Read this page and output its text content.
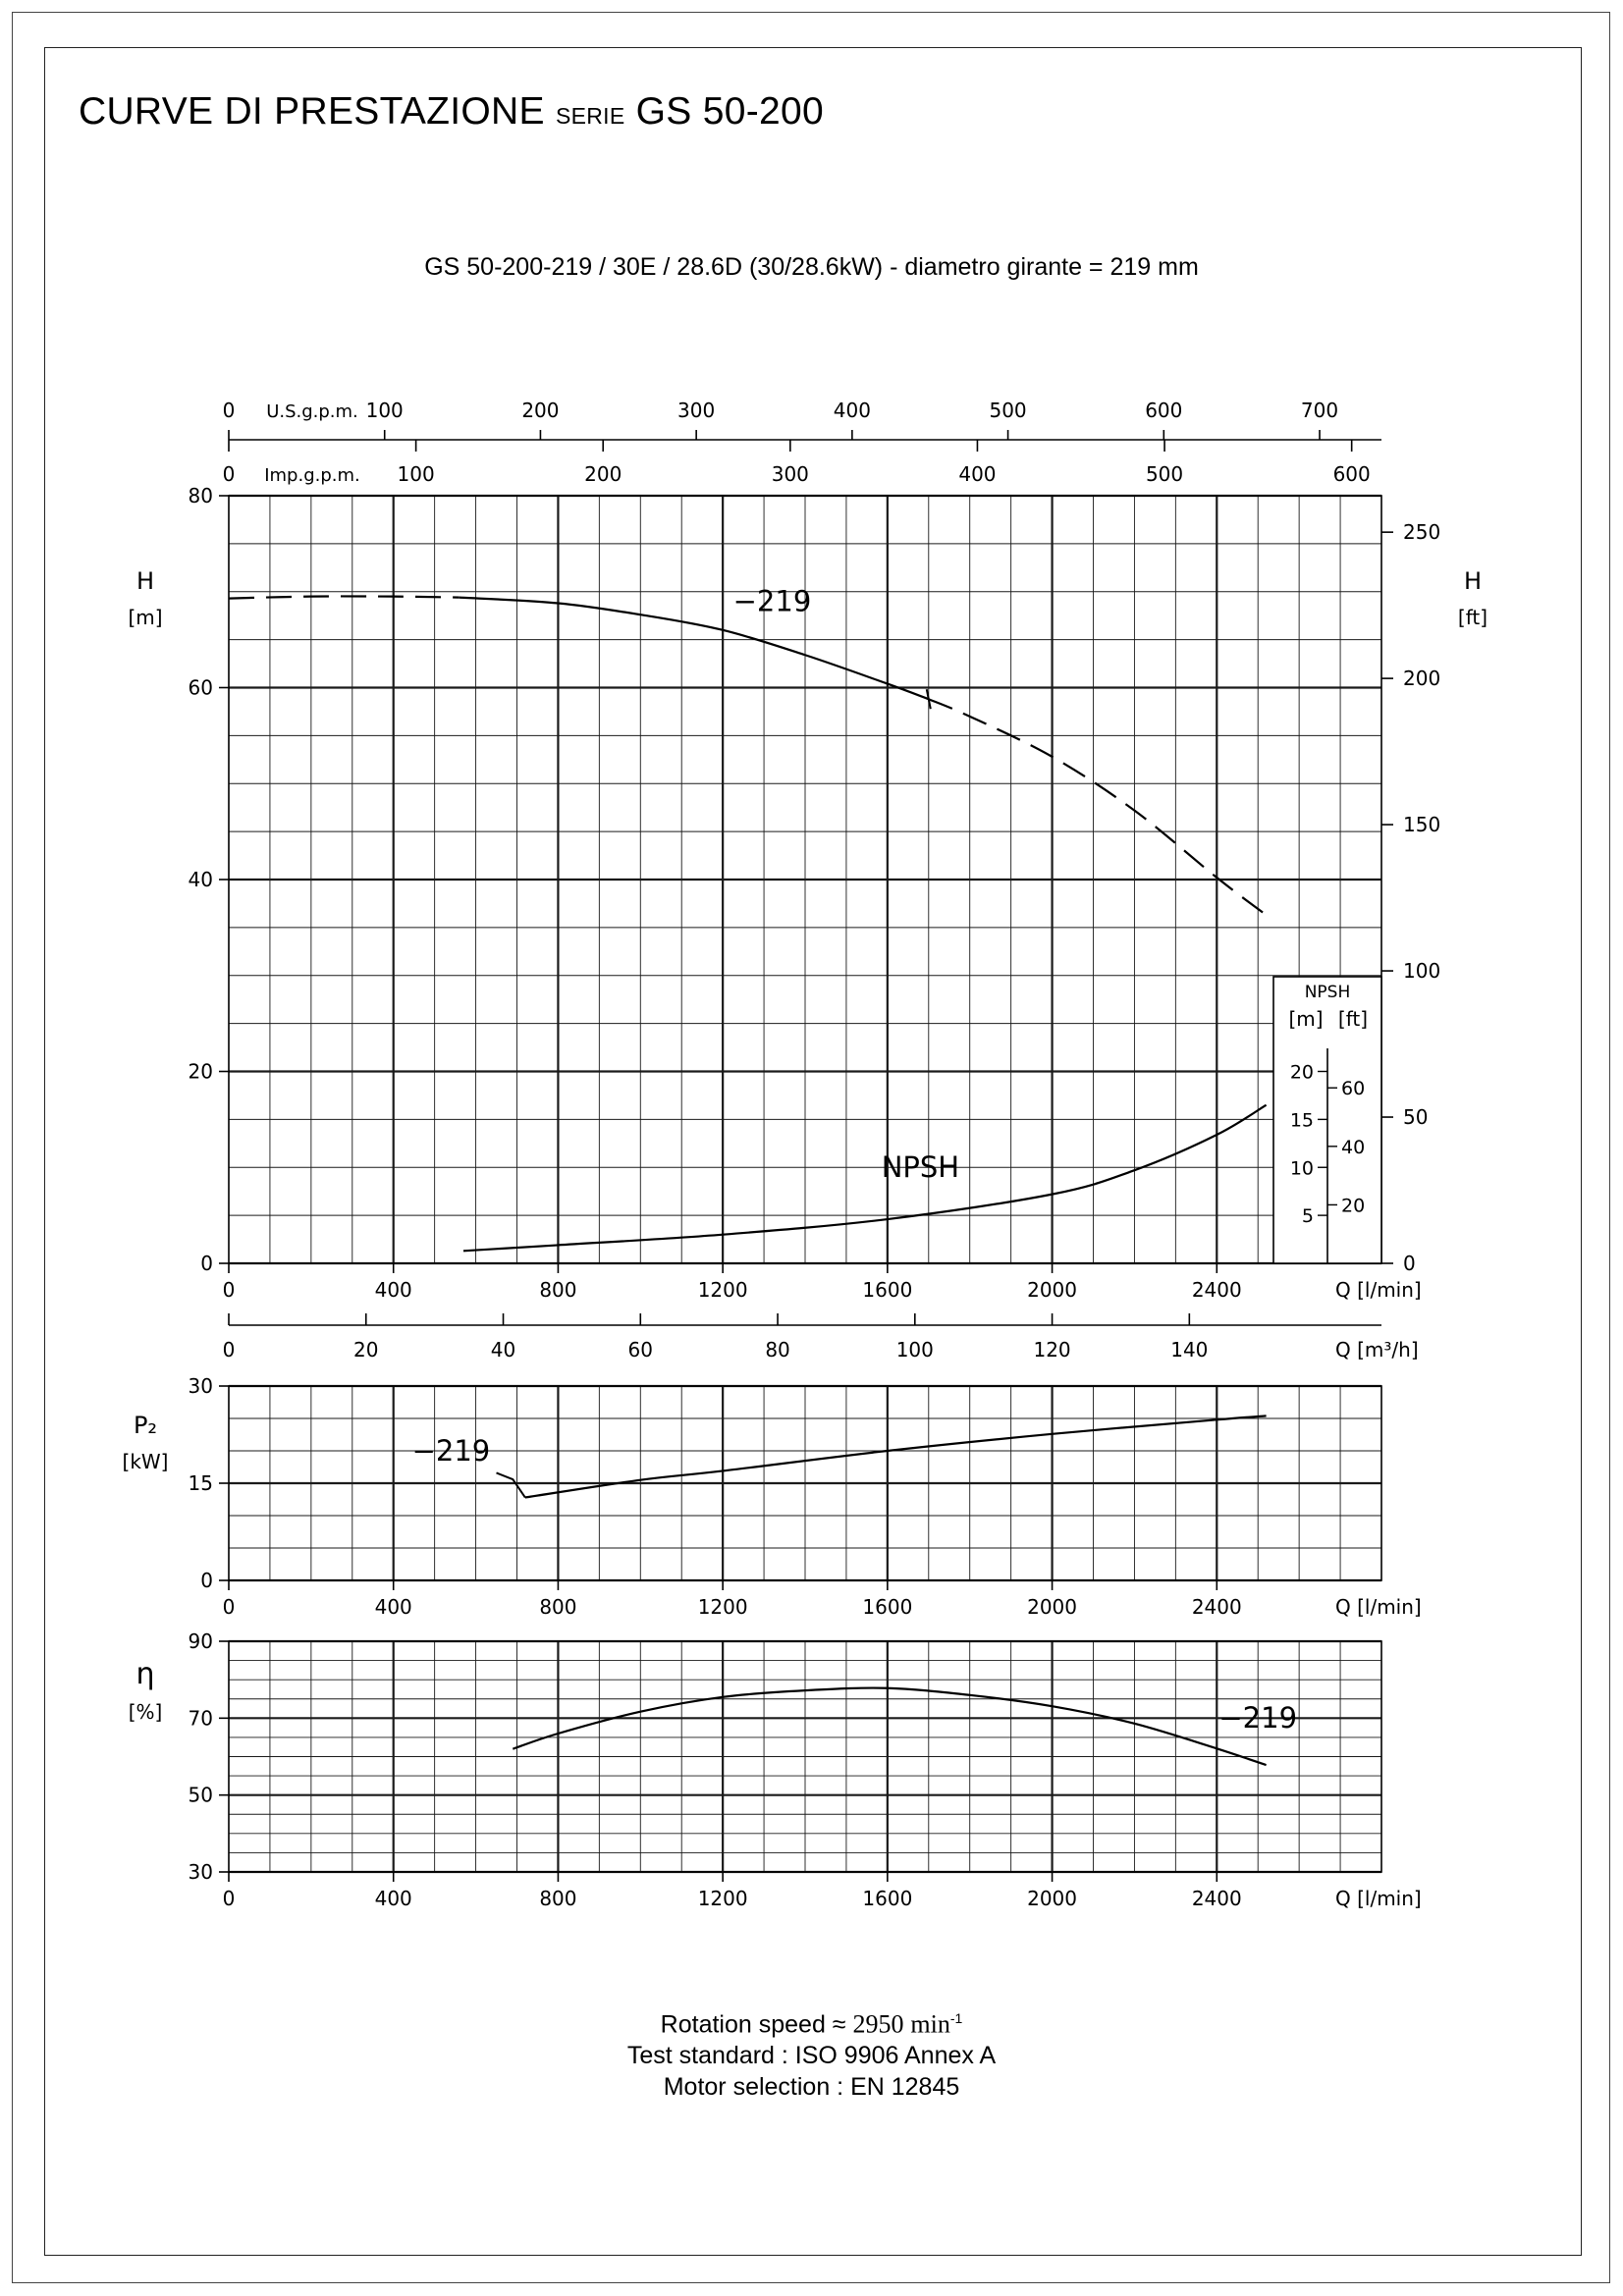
CURVE DI PRESTAZIONE SERIE GS 50-200
GS 50-200-219 / 30E / 28.6D (30/28.6kW) - diametro girante = 219 mm
0
20
40
60
80
0	400	800	1200	1600	2000	2400	Q [l/min]
H
[m]	−219
NPSH
0
15
30
0	400	800	1200	1600	2000	2400	Q [l/min]
P₂
[kW]	−219
30
50
70
90
0	400	800	1200	1600	2000	2400	Q [l/min]
η
[%]	−219
0
50
100
150
200
250
H
[ft]
0	100	200	300	400	500	600	700
U.S.g.p.m.
0	100	200	300	400	500	600
Imp.g.p.m.
0	20	40	60	80	100	120	140	Q [m³/h]
NPSH
[m] [ft]
5
10
15
20
20
40
60
Rotation speed ≈ 2950 $\min^{-1}$
Test standard : ISO 9906 Annex A
Motor selection : EN 12845
